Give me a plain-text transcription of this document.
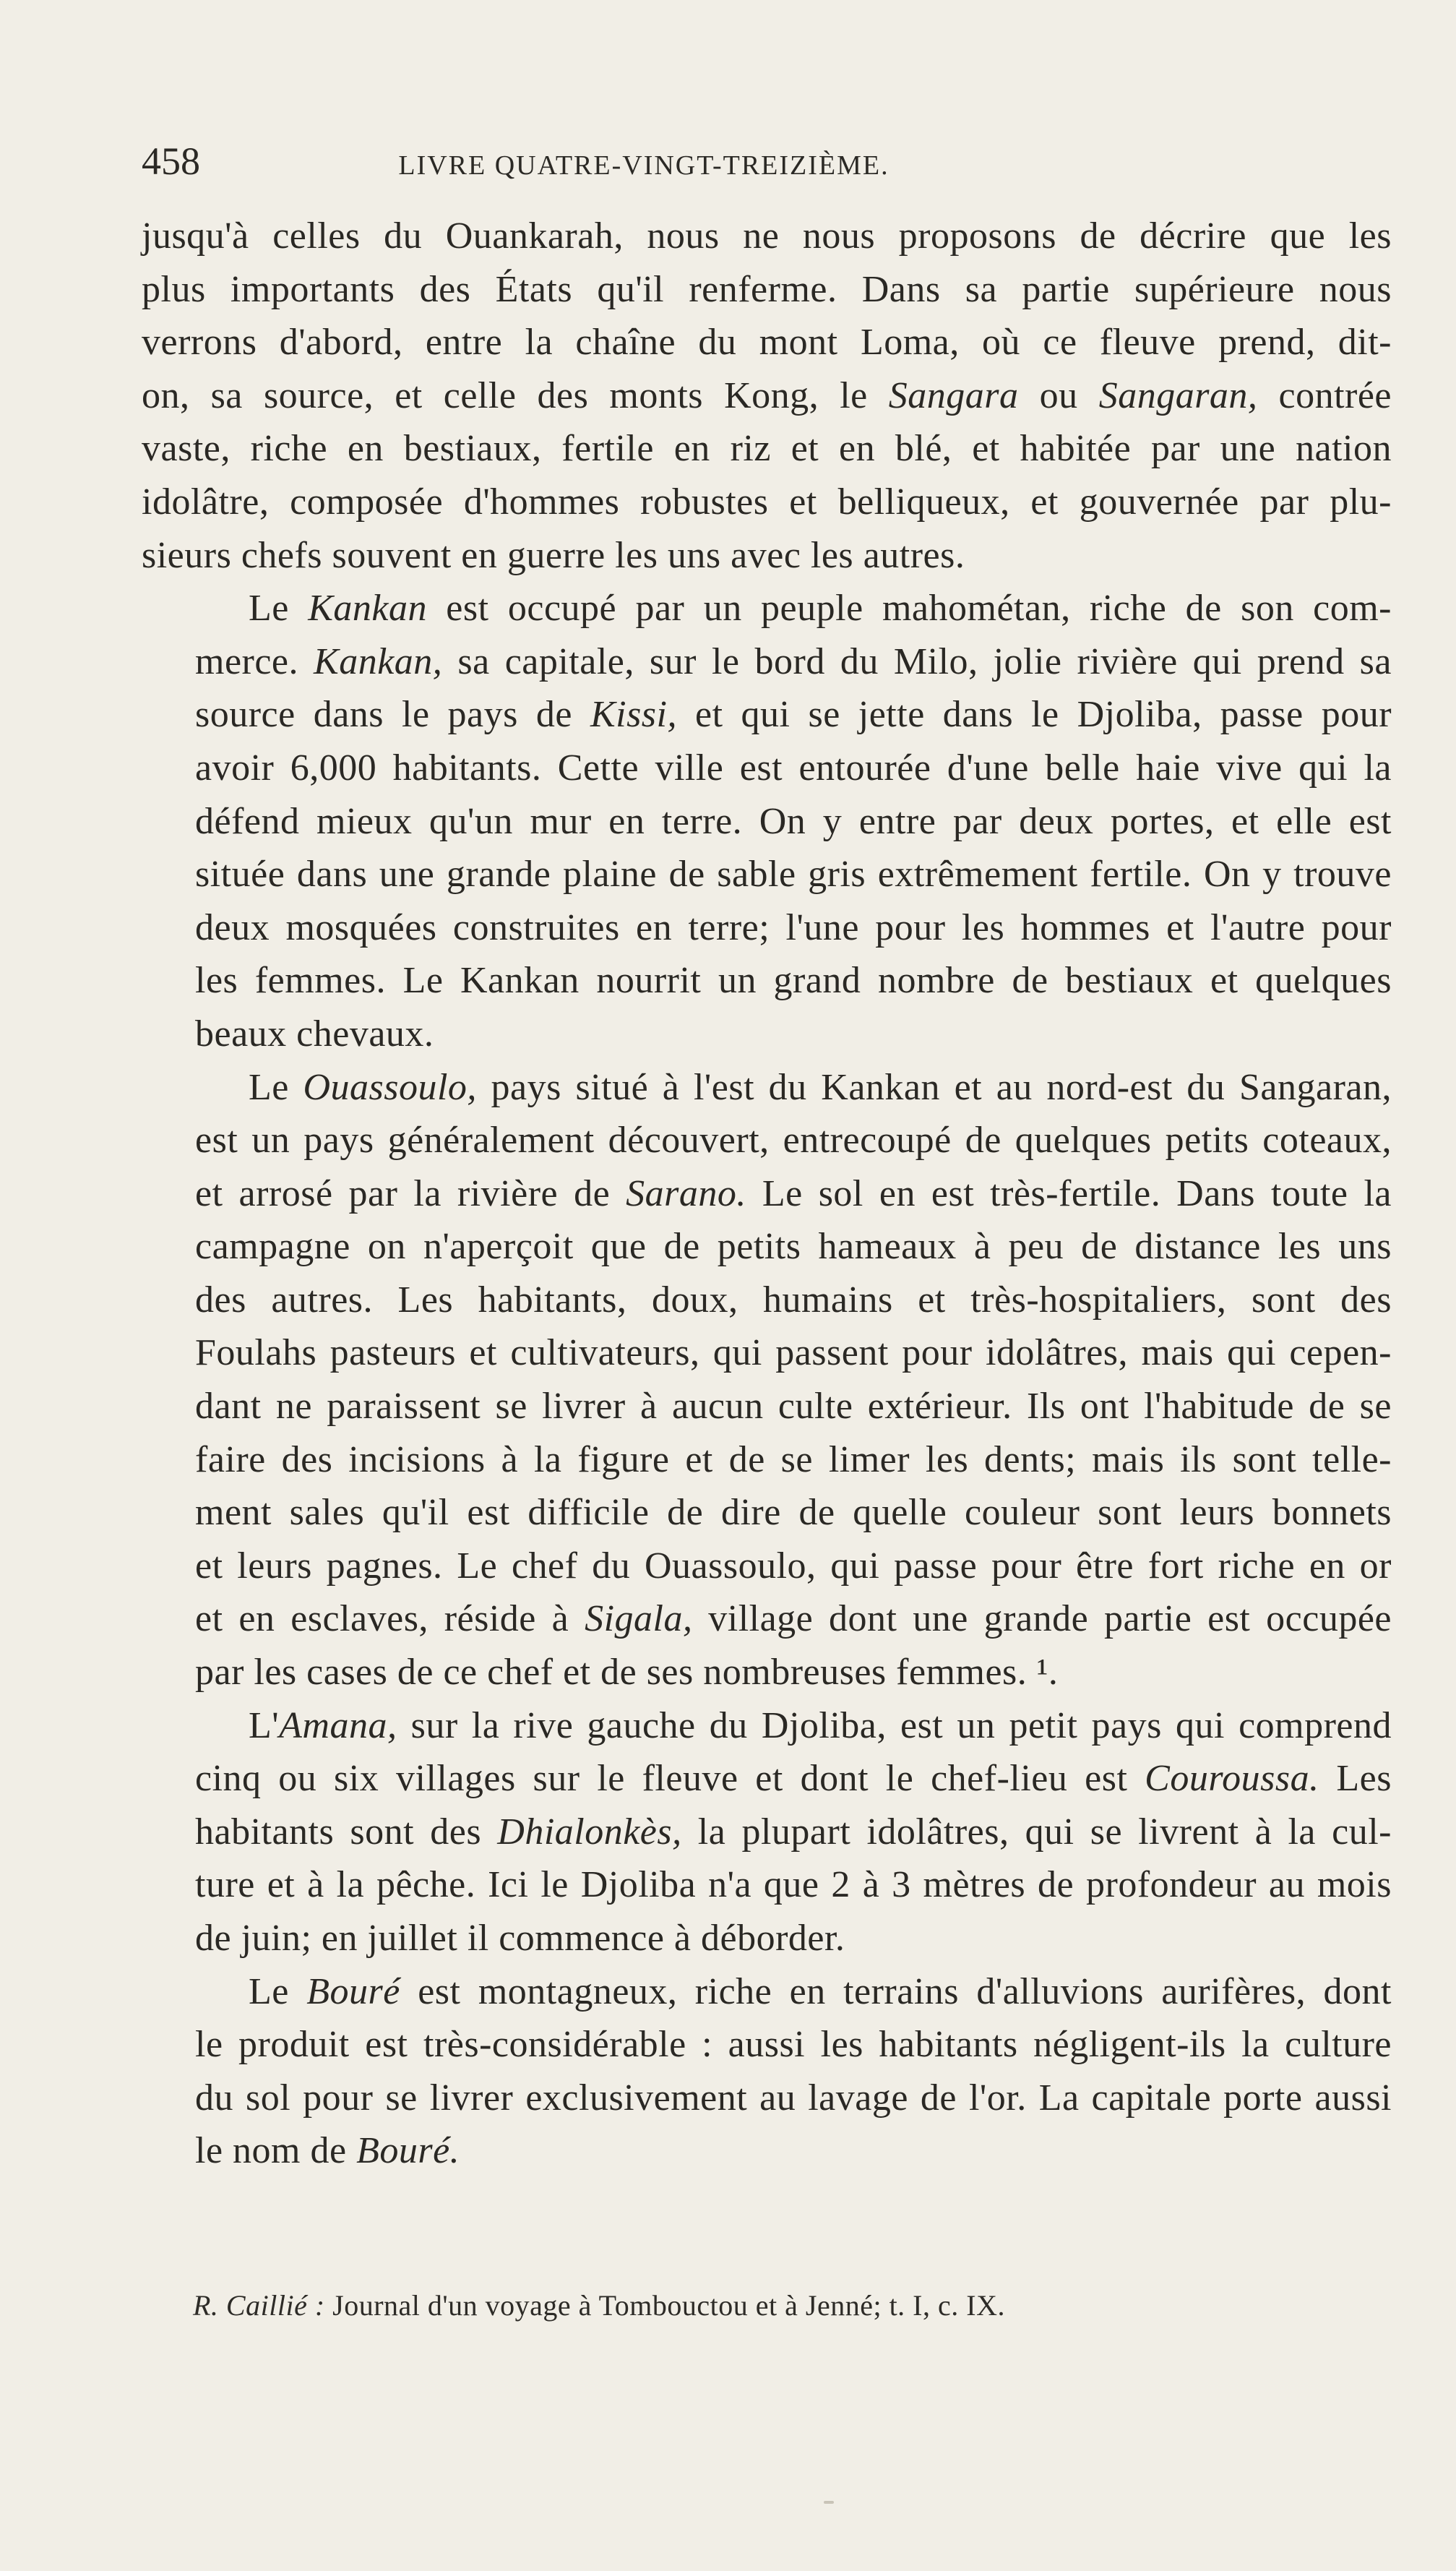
458	LIVRE QUATRE-VINGT-TREIZIÈME.

jusqu'à celles du Ouankarah, nous ne nous proposons de décrire que les
plus importants des États qu'il renferme. Dans sa partie supérieure nous
verrons d'abord, entre la chaîne du mont Loma, où ce fleuve prend, dit-
on, sa source, et celle des monts Kong, le Sangara ou Sangaran, contrée
vaste, riche en bestiaux, fertile en riz et en blé, et habitée par une nation
idolâtre, composée d'hommes robustes et belliqueux, et gouvernée par plu-
sieurs chefs souvent en guerre les uns avec les autres.

Le Kankan est occupé par un peuple mahométan, riche de son com-
merce. Kankan, sa capitale, sur le bord du Milo, jolie rivière qui prend sa
source dans le pays de Kissi, et qui se jette dans le Djoliba, passe pour
avoir 6,000 habitants. Cette ville est entourée d'une belle haie vive qui la
défend mieux qu'un mur en terre. On y entre par deux portes, et elle est
située dans une grande plaine de sable gris extrêmement fertile. On y trouve
deux mosquées construites en terre; l'une pour les hommes et l'autre pour
les femmes. Le Kankan nourrit un grand nombre de bestiaux et quelques
beaux chevaux.

Le Ouassoulo, pays situé à l'est du Kankan et au nord-est du Sangaran,
est un pays généralement découvert, entrecoupé de quelques petits coteaux,
et arrosé par la rivière de Sarano. Le sol en est très-fertile. Dans toute la
campagne on n'aperçoit que de petits hameaux à peu de distance les uns
des autres. Les habitants, doux, humains et très-hospitaliers, sont des
Foulahs pasteurs et cultivateurs, qui passent pour idolâtres, mais qui cepen-
dant ne paraissent se livrer à aucun culte extérieur. Ils ont l'habitude de se
faire des incisions à la figure et de se limer les dents; mais ils sont telle-
ment sales qu'il est difficile de dire de quelle couleur sont leurs bonnets
et leurs pagnes. Le chef du Ouassoulo, qui passe pour être fort riche en or
et en esclaves, réside à Sigala, village dont une grande partie est occupée
par les cases de ce chef et de ses nombreuses femmes. ¹.

L'Amana, sur la rive gauche du Djoliba, est un petit pays qui comprend
cinq ou six villages sur le fleuve et dont le chef-lieu est Couroussa. Les
habitants sont des Dhialonkès, la plupart idolâtres, qui se livrent à la cul-
ture et à la pêche. Ici le Djoliba n'a que 2 à 3 mètres de profondeur au mois
de juin; en juillet il commence à déborder.

Le Bouré est montagneux, riche en terrains d'alluvions aurifères, dont
le produit est très-considérable : aussi les habitants négligent-ils la culture
du sol pour se livrer exclusivement au lavage de l'or. La capitale porte aussi
le nom de Bouré.

R. Caillié : Journal d'un voyage à Tombouctou et à Jenné; t. I, c. IX.
